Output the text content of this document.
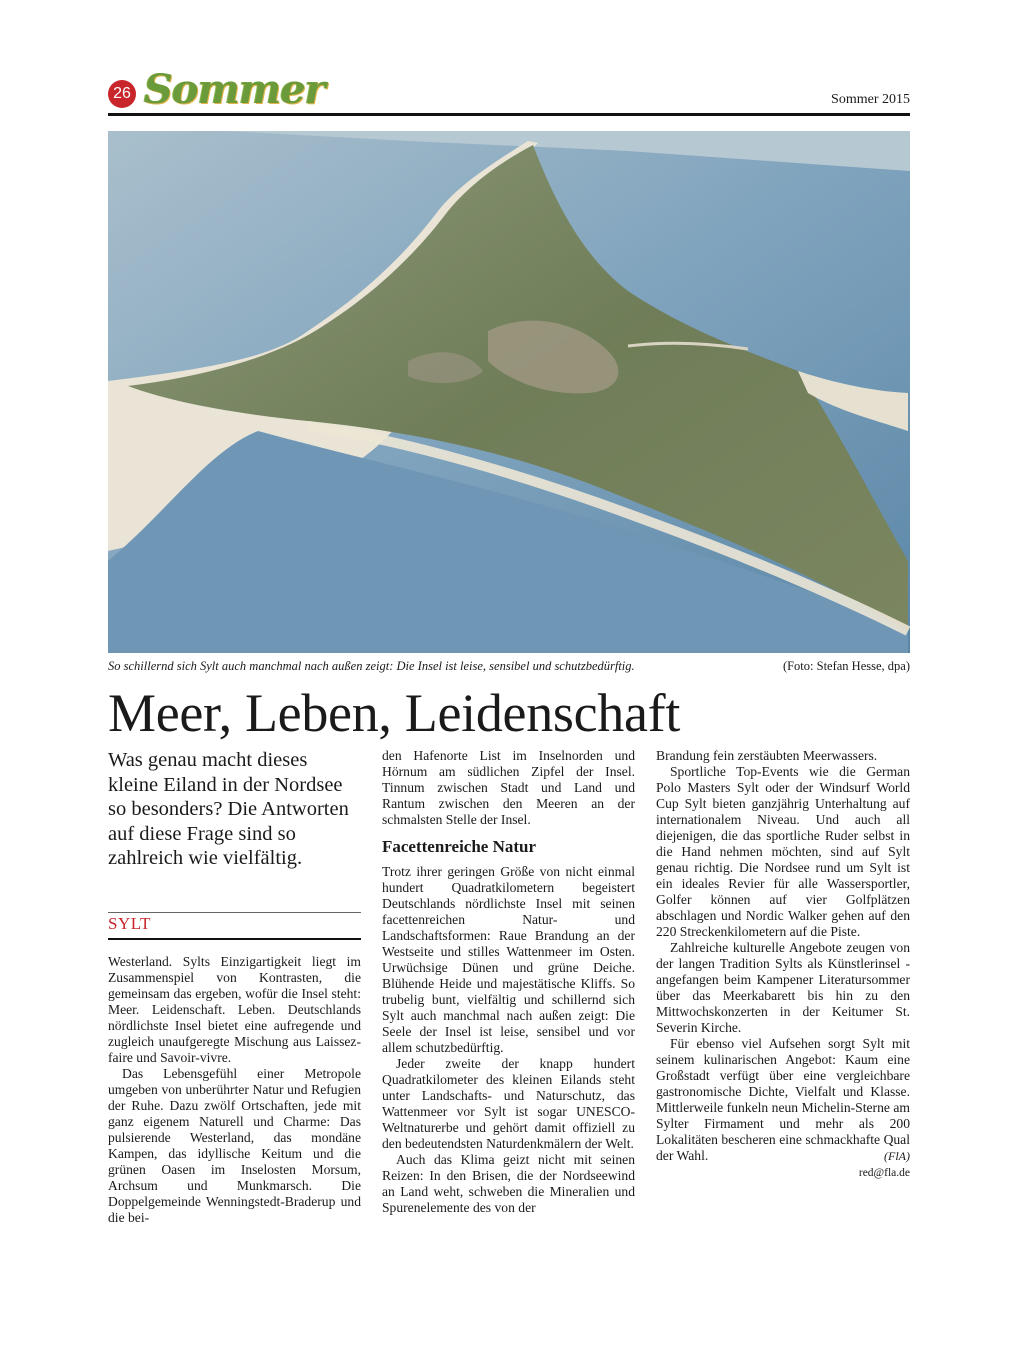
26 Sommer	Sommer 2015
So schillernd sich Sylt auch manchmal nach außen zeigt: Die Insel ist leise, sensibel und schutzbedürftig.	(Foto: Stefan Hesse, dpa)
Meer, Leben, Leidenschaft

Was genau macht dieses kleine Eiland in der Nordsee so besonders? Die Antworten auf diese Frage sind so zahlreich wie vielfältig.

SYLT

Westerland. Sylts Einzigartigkeit liegt im Zusammenspiel von Kontrasten, die gemeinsam das ergeben, wofür die Insel steht: Meer. Leidenschaft. Leben. Deutschlands nördlichste Insel bietet eine aufregende und zugleich unaufgeregte Mischung aus Laissez-faire und Savoir-vivre.

Das Lebensgefühl einer Metropole umgeben von unberührter Natur und Refugien der Ruhe. Dazu zwölf Ortschaften, jede mit ganz eigenem Naturell und Charme: Das pulsierende Westerland, das mondäne Kampen, das idyllische Keitum und die grünen Oasen im Inselosten Morsum, Archsum und Munkmarsch. Die Doppelgemeinde Wenningstedt-Braderup und die bei-

den Hafenorte List im Inselnorden und Hörnum am südlichen Zipfel der Insel. Tinnum zwischen Stadt und Land und Rantum zwischen den Meeren an der schmalsten Stelle der Insel.

Facettenreiche Natur

Trotz ihrer geringen Größe von nicht einmal hundert Quadratkilometern begeistert Deutschlands nördlichste Insel mit seinen facettenreichen Natur- und Landschaftsformen: Raue Brandung an der Westseite und stilles Wattenmeer im Osten. Urwüchsige Dünen und grüne Deiche. Blühende Heide und majestätische Kliffs. So trubelig bunt, vielfältig und schillernd sich Sylt auch manchmal nach außen zeigt: Die Seele der Insel ist leise, sensibel und vor allem schutzbedürftig.

Jeder zweite der knapp hundert Quadratkilometer des kleinen Eilands steht unter Landschafts- und Naturschutz, das Wattenmeer vor Sylt ist sogar UNESCO-Weltnaturerbe und gehört damit offiziell zu den bedeutendsten Naturdenkmälern der Welt.

Auch das Klima geizt nicht mit seinen Reizen: In den Brisen, die der Nordseewind an Land weht, schweben die Mineralien und Spurenelemente des von der

Brandung fein zerstäubten Meerwassers.

Sportliche Top-Events wie die German Polo Masters Sylt oder der Windsurf World Cup Sylt bieten ganzjährig Unterhaltung auf internationalem Niveau. Und auch all diejenigen, die das sportliche Ruder selbst in die Hand nehmen möchten, sind auf Sylt genau richtig. Die Nordsee rund um Sylt ist ein ideales Revier für alle Wassersportler, Golfer können auf vier Golfplätzen abschlagen und Nordic Walker gehen auf den 220 Streckenkilometern auf die Piste.

Zahlreiche kulturelle Angebote zeugen von der langen Tradition Sylts als Künstlerinsel - angefangen beim Kampener Literatursommer über das Meerkabarett bis hin zu den Mittwochskonzerten in der Keitumer St. Severin Kirche.

Für ebenso viel Aufsehen sorgt Sylt mit seinem kulinarischen Angebot: Kaum eine Großstadt verfügt über eine vergleichbare gastronomische Dichte, Vielfalt und Klasse. Mittlerweile funkeln neun Michelin-Sterne am Sylter Firmament und mehr als 200 Lokalitäten bescheren eine schmackhafte Qual der Wahl.	(FlA)
red@fla.de
